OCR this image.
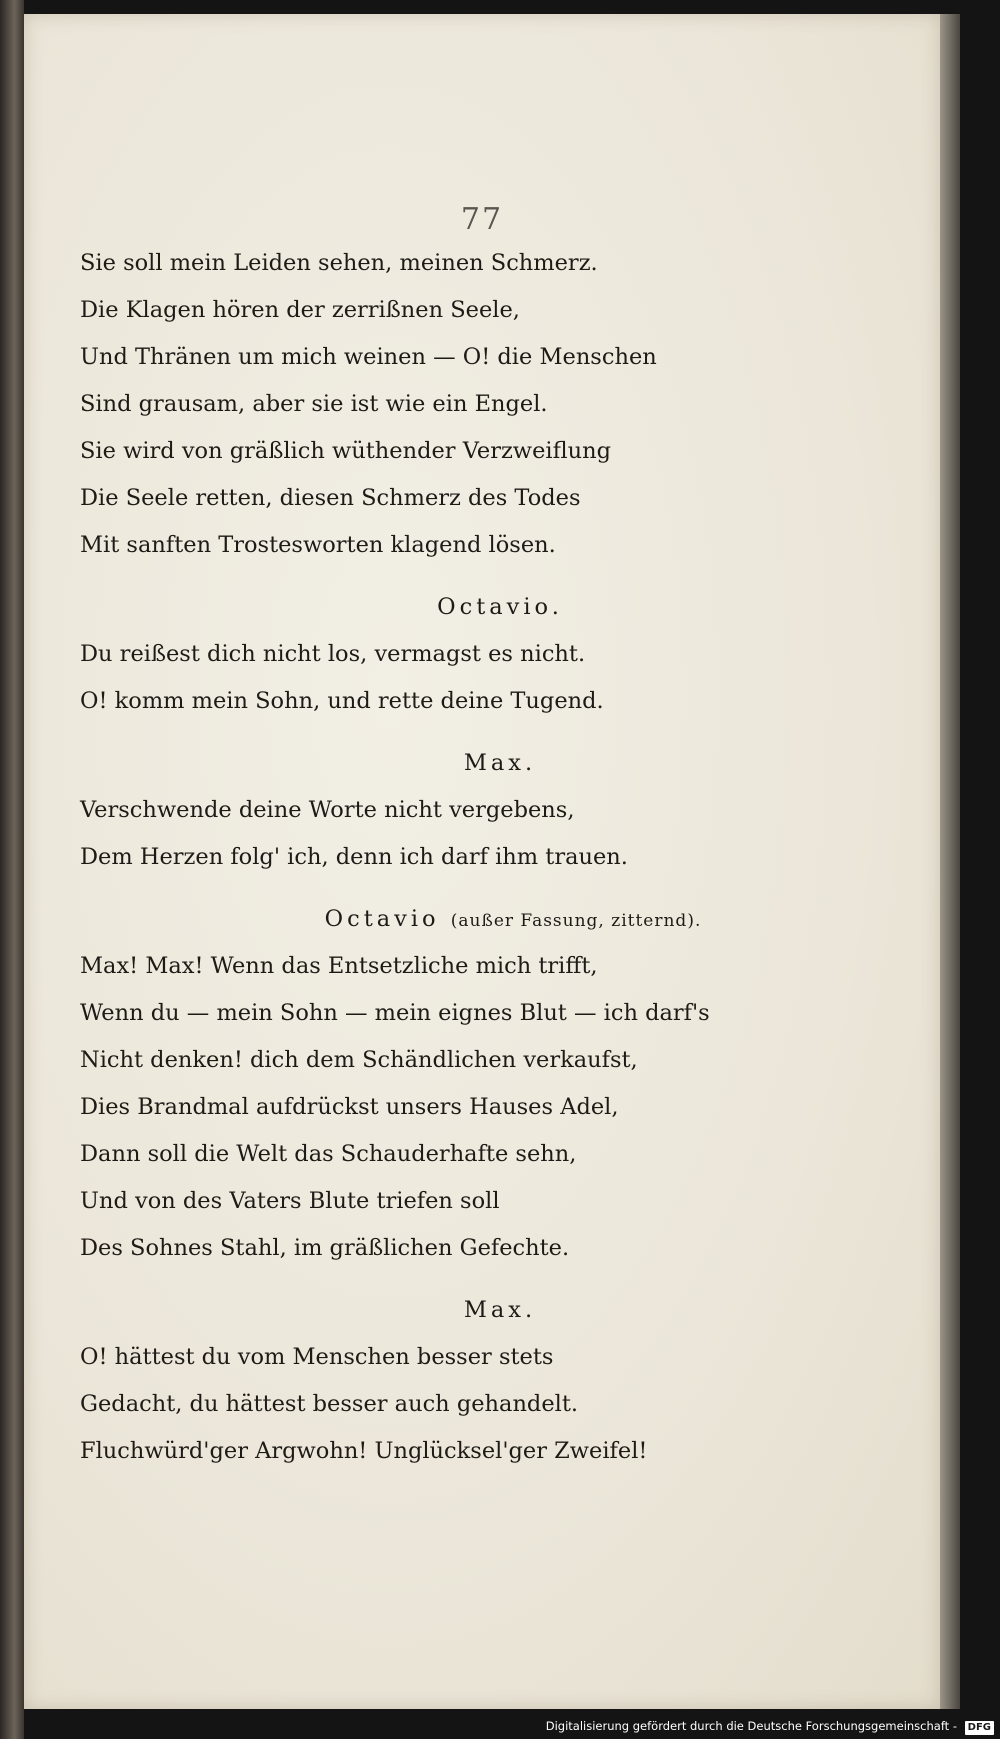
77
Sie soll mein Leiden sehen, meinen Schmerz.
Die Klagen hören der zerrißnen Seele,
Und Thränen um mich weinen — O! die Menschen
Sind grausam, aber sie ist wie ein Engel.
Sie wird von gräßlich wüthender Verzweiflung
Die Seele retten, diesen Schmerz des Todes
Mit sanften Trosteswortеn klagend lösen.
Octavio.
Du reißest dich nicht los, vermagst es nicht.
O! komm mein Sohn, und rette deine Tugend.
Max.
Verschwende deine Worte nicht vergebens,
Dem Herzen folg' ich, denn ich darf ihm trauen.
Octavio (außer Fassung, zitternd).
Max! Max! Wenn das Entsetzliche mich trifft,
Wenn du — mein Sohn — mein eignes Blut — ich darf's
Nicht denken! dich dem Schändlichen verkaufst,
Dies Brandmal aufdrückst unsers Hauses Adel,
Dann soll die Welt das Schauderhafte sehn,
Und von des Vaters Blute triefen soll
Des Sohnes Stahl, im gräßlichen Gefechte.
Max.
O! hättest du vom Menschen besser stets
Gedacht, du hättest besser auch gehandelt.
Fluchwürd'ger Argwohn! Unglücksel'ger Zweifel!
Digitalisierung gefördert durch die Deutsche Forschungsgemeinschaft - DFG
